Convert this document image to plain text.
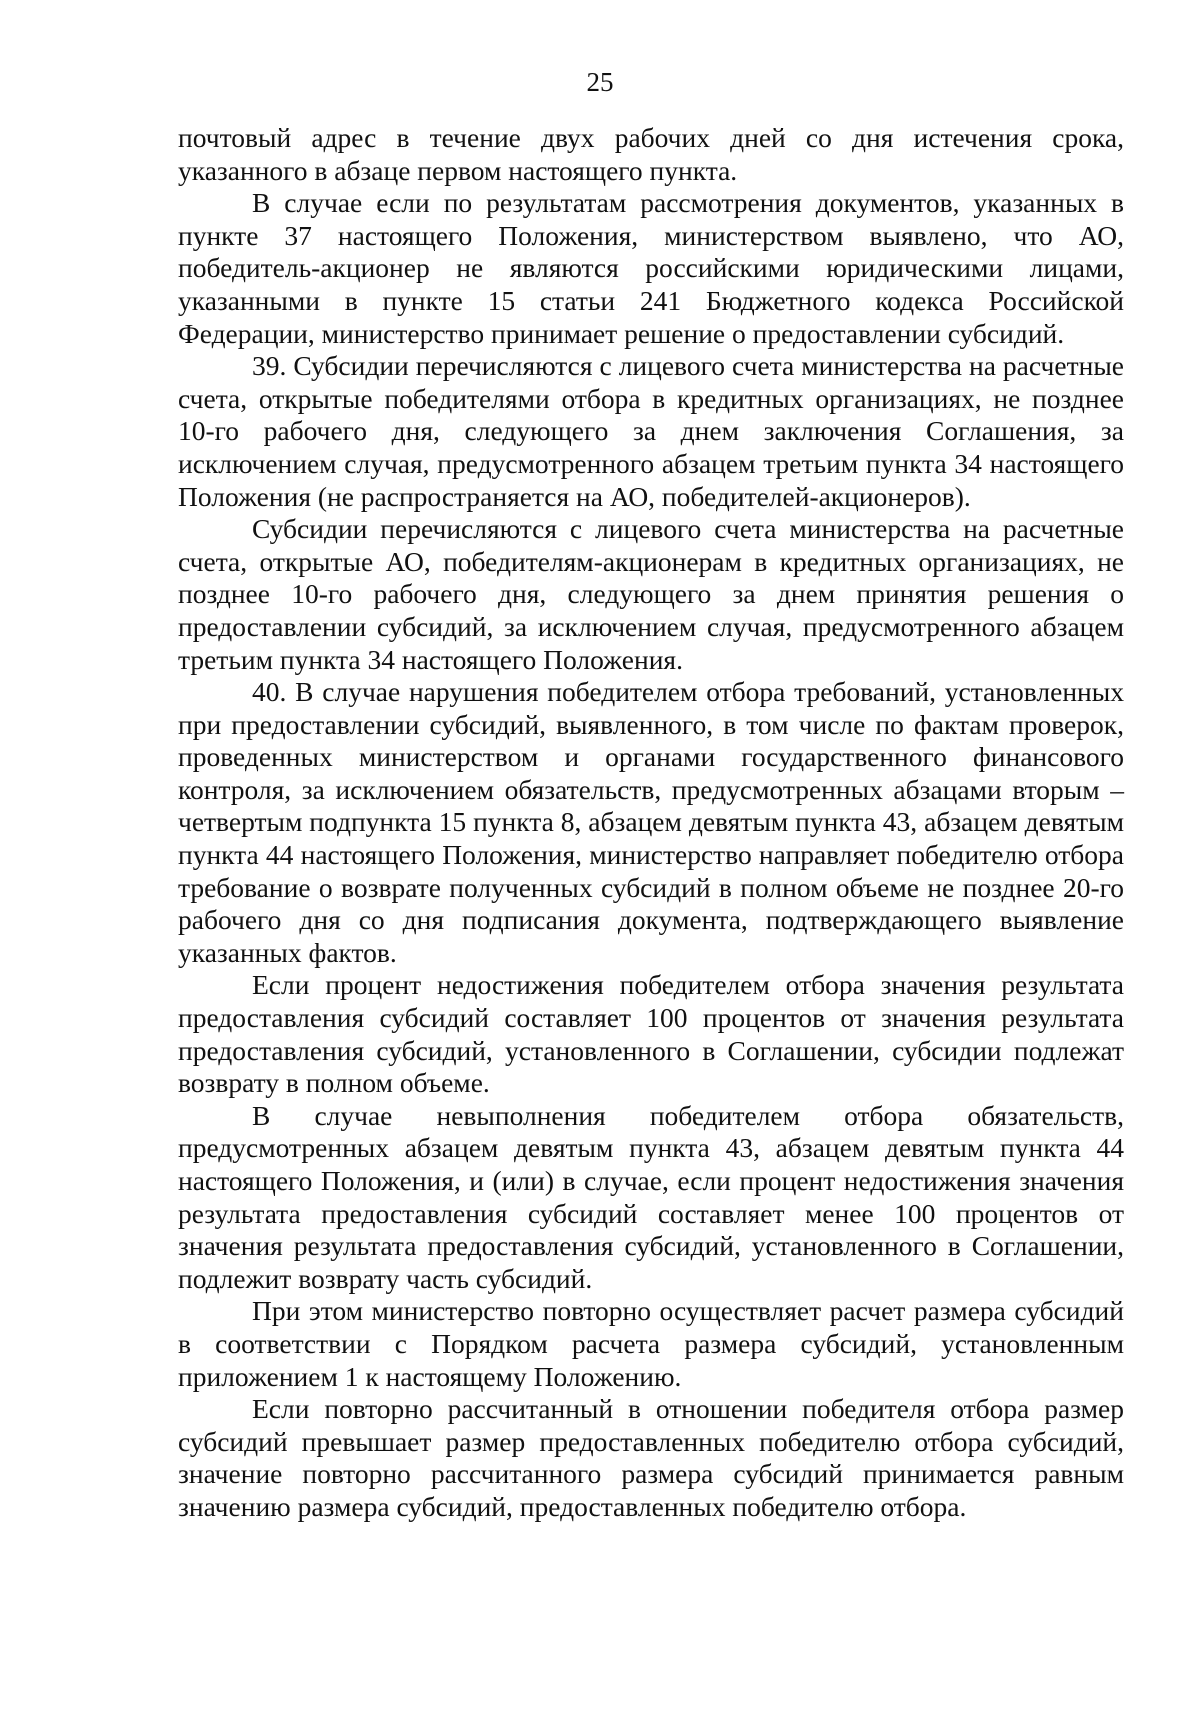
25

почтовый адрес в течение двух рабочих дней со дня истечения срока, указанного в абзаце первом настоящего пункта.

В случае если по результатам рассмотрения документов, указанных в пункте 37 настоящего Положения, министерством выявлено, что АО, победитель-акционер не являются российскими юридическими лицами, указанными в пункте 15 статьи 241 Бюджетного кодекса Российской Федерации, министерство принимает решение о предоставлении субсидий.

39. Субсидии перечисляются с лицевого счета министерства на расчетные счета, открытые победителями отбора в кредитных организациях, не позднее 10-го рабочего дня, следующего за днем заключения Соглашения, за исключением случая, предусмотренного абзацем третьим пункта 34 настоящего Положения (не распространяется на АО, победителей-акционеров).

Субсидии перечисляются с лицевого счета министерства на расчетные счета, открытые АО, победителям-акционерам в кредитных организациях, не позднее 10-го рабочего дня, следующего за днем принятия решения о предоставлении субсидий, за исключением случая, предусмотренного абзацем третьим пункта 34 настоящего Положения.

40. В случае нарушения победителем отбора требований, установленных при предоставлении субсидий, выявленного, в том числе по фактам проверок, проведенных министерством и органами государственного финансового контроля, за исключением обязательств, предусмотренных абзацами вторым – четвертым подпункта 15 пункта 8, абзацем девятым пункта 43, абзацем девятым пункта 44 настоящего Положения, министерство направляет победителю отбора требование о возврате полученных субсидий в полном объеме не позднее 20-го рабочего дня со дня подписания документа, подтверждающего выявление указанных фактов.

Если процент недостижения победителем отбора значения результата предоставления субсидий составляет 100 процентов от значения результата предоставления субсидий, установленного в Соглашении, субсидии подлежат возврату в полном объеме.

В случае невыполнения победителем отбора обязательств, предусмотренных абзацем девятым пункта 43, абзацем девятым пункта 44 настоящего Положения, и (или) в случае, если процент недостижения значения результата предоставления субсидий составляет менее 100 процентов от значения результата предоставления субсидий, установленного в Соглашении, подлежит возврату часть субсидий.

При этом министерство повторно осуществляет расчет размера субсидий в соответствии с Порядком расчета размера субсидий, установленным приложением 1 к настоящему Положению.

Если повторно рассчитанный в отношении победителя отбора размер субсидий превышает размер предоставленных победителю отбора субсидий, значение повторно рассчитанного размера субсидий принимается равным значению размера субсидий, предоставленных победителю отбора.
